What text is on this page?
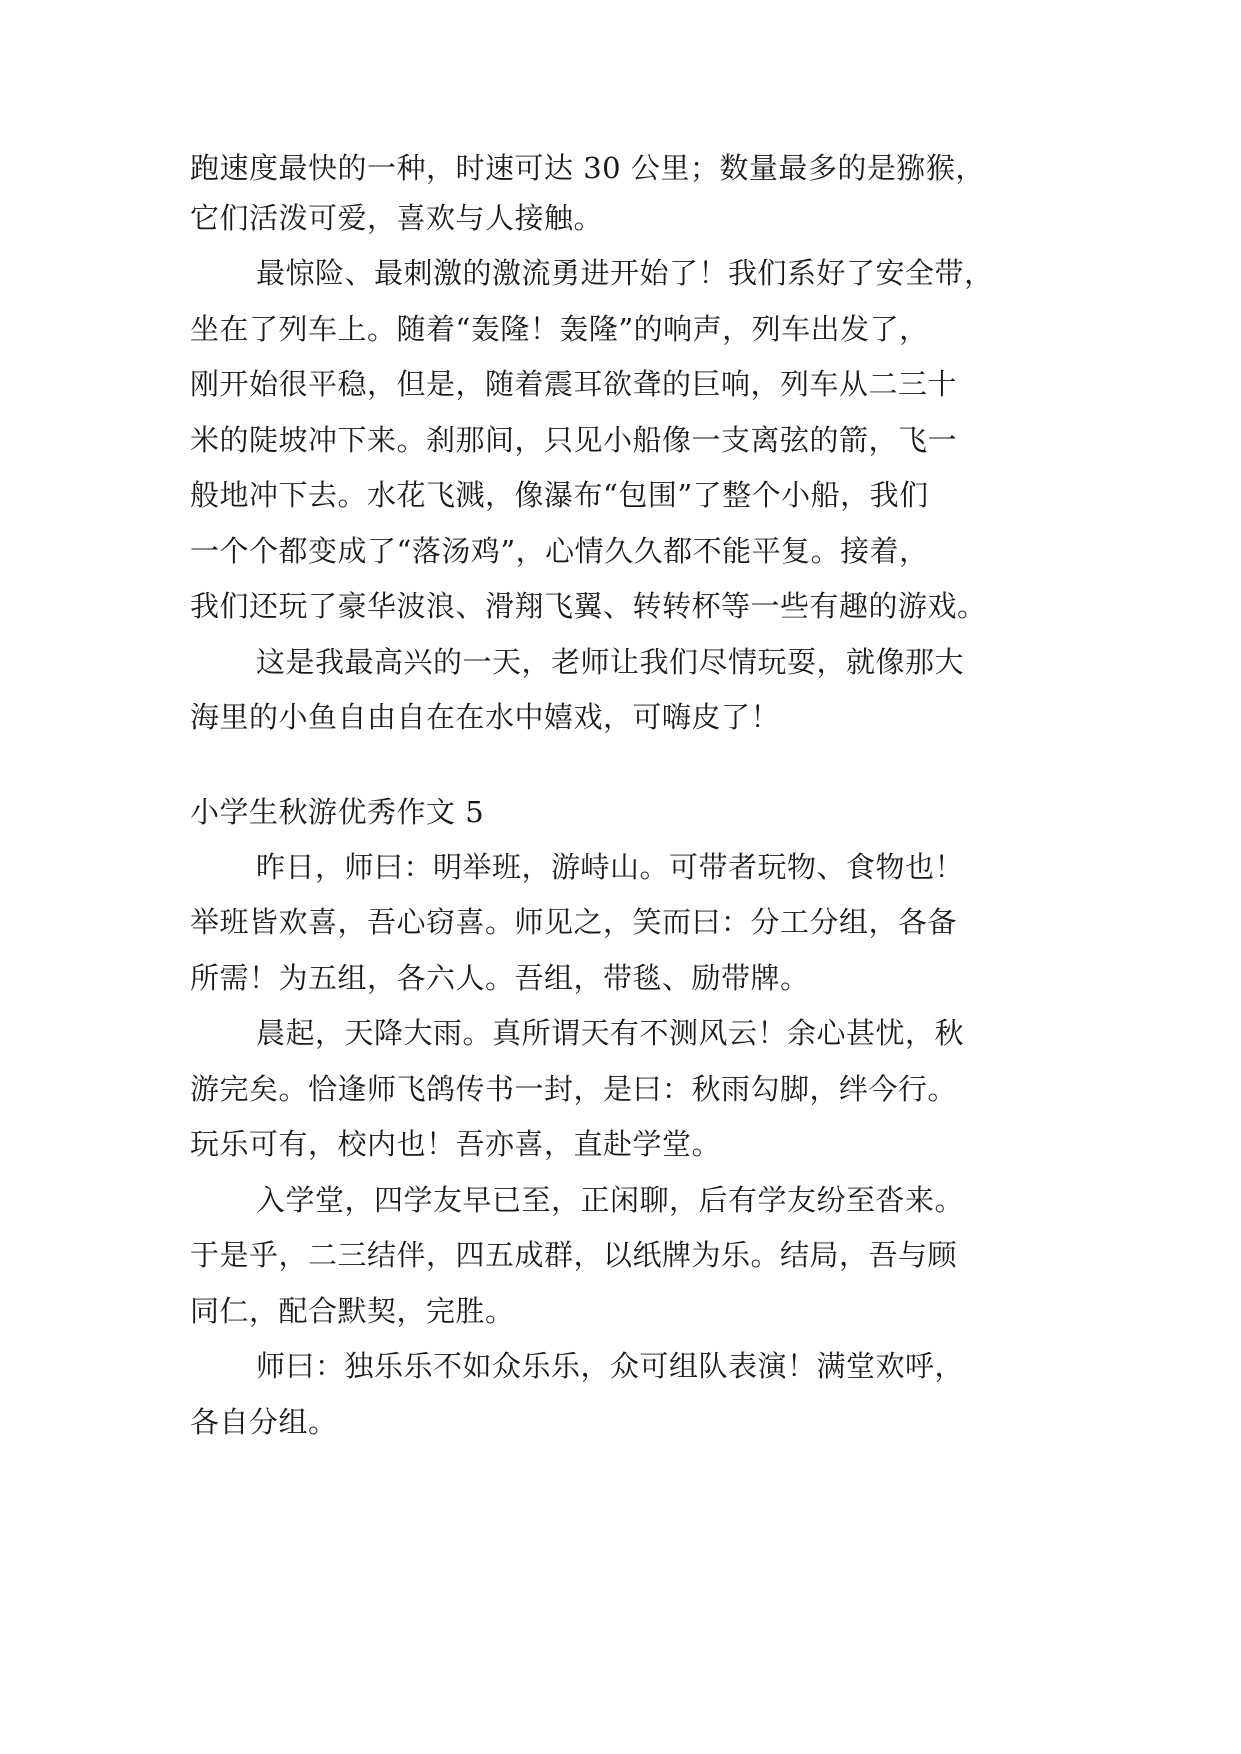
跑速度最快的一种，时速可达 30 公里；数量最多的是猕猴，
它们活泼可爱，喜欢与人接触。
最惊险、最刺激的激流勇进开始了！我们系好了安全带，
坐在了列车上。随着“轰隆！轰隆”的响声，列车出发了，
刚开始很平稳，但是，随着震耳欲聋的巨响，列车从二三十
米的陡坡冲下来。刹那间，只见小船像一支离弦的箭，飞一
般地冲下去。水花飞溅，像瀑布“包围”了整个小船，我们
一个个都变成了“落汤鸡”，心情久久都不能平复。接着，
我们还玩了豪华波浪、滑翔飞翼、转转杯等一些有趣的游戏。
这是我最高兴的一天，老师让我们尽情玩耍，就像那大
海里的小鱼自由自在在水中嬉戏，可嗨皮了！
小学生秋游优秀作文 5
昨日，师曰：明举班，游峙山。可带者玩物、食物也！
举班皆欢喜，吾心窃喜。师见之，笑而曰：分工分组，各备
所需！为五组，各六人。吾组，带毯、励带牌。
晨起，天降大雨。真所谓天有不测风云！余心甚忧，秋
游完矣。恰逢师飞鸽传书一封，是曰：秋雨勾脚，绊今行。
玩乐可有，校内也！吾亦喜，直赴学堂。
入学堂，四学友早已至，正闲聊，后有学友纷至沓来。
于是乎，二三结伴，四五成群，以纸牌为乐。结局，吾与顾
同仁，配合默契，完胜。
师曰：独乐乐不如众乐乐，众可组队表演！满堂欢呼，
各自分组。
